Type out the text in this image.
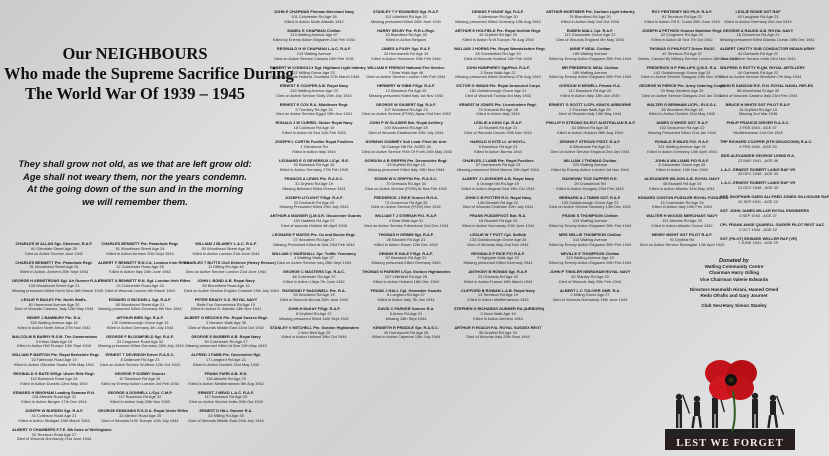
Our NEIGHBOURS
Who made the Supreme Sacrifice During
The World War Of 1939 – 1945
They shall grow not old, as we that are left grow old:
Age shall not weary them, nor the years condemn.
At the going down of the sun and in the morning
we will remember them.
CHARLES W ALLAN Sgt. Observer, R.A.F.
60 Glendale Street Age 25
Died on Active Service June 1942
CHARLES BENNETT Pte. Parachute Regt.
51 Woodhead Street Age 24
Killed in Action, Arnhem 20th Sept 1944
GEORGE H ARMSTRONG Sgt. Air Gunner R.A.F.
108 Woodhead Street Age 21
Missing presumed Killed North Sea 16th March 1943
LESLIE R BAILEY Pte. North Staffs.
81 Hammond Avenue Age 20
Died of Wounds Cassino, Italy 12th May 1944
HENRY J BAMBURY Pte. R.A.
328 Watling Avenue Age 42
Killed in Action North Africa 27th Nov 1942
MALCOLM B BARRY R.S.M. The Cameronians
3 Kirton Walk Age 19
Killed in Action NW Europe 13th Sept 1944
WILLIAM P BARTON Pte. Royal Berkshire Regt.
15 Fairbrook Road Age 19
Killed in Action Gibraltar Straits 19th May 1941
REGINALD G BATE W/Sgt. Ulster Rifle Regt.
110 Banstock Road Age 24
Killed in Action Dunkirk 22nd May 1940
EDWARD H BINGHAM Leading Seaman R.N.
128 Abbotts Road Age 22
Killed in Action Bergen 17th Dec 1944
JOSEPH W BURDEN Sgt. R.A.F.
43 Collinson Road Age 21
Killed in Action Stuttgart 15th March 1944
ALBERT G CHAMBERS F.T.E. 8th Duke of Wellingtons
34 Tennison Road Age 27
Died of Wounds Normandy 21st June 1944
CHARLES BENNETT Pte. Parachute Regt.
51 Woodhead Street Age 24
Killed in Action Arnhem 20th Sept 1944
ALBERT F BENNETT R.N.V.A. London Irish Rifles
12 Colchester Road Age 28
Killed in Action Italy 24th June 1944
ERNEST A BENNETT R.N. Sgt. London Irish Rifles
13 Colchester Road Age 24
Died of Wounds London 6th March 1944
EDWARD G BICKNELL Sgt. R.A.F.
80 Woodhead Street Age 21
Missing presumed Killed Germany 6th Nov 1944
ARTHUR BIRD Sgt. R.A.F.
130 Goldsborough Grove Age 19
Killed in Action Germany 4th July 1944
GEORGE F BLOOMFIELD Sgt. R.A.F.
23 Cragmere Road Age 32
Missing presumed Killed Germany 28th July 1944
ERNEST T DEVENISH Driver R.A.S.C.
8 Dallimore Rd Age 23
Died on Active Service W Africa 12th Oct 1943
GEORGE P DOBBY Gunner
67 Banstock Rd Age 26
Killed by Enemy Action London 3rd Feb 1944
GEORGE A DONNELL L/Cpl. C.M.P.
117 Banstock Rd Age 32
Killed in Action Italy 20th Nov 1943
GEORGE EDMONDS R.S.G.A. Royal Ulster Rifles
32 Allerton Road Age 25
Died of Wounds N.W. Europe 10th July 1944
WILLIAM J BLAMEY L.A.C. R.A.F.
50 Woodhead Street Age 36
Killed in Action London 21st June 1944
CHARLES T BUTTS Civil Defence (Heavy Rescue)
11 Milling Rd Age 44
Died on Active Service London 21st June 1944
JOHN L BOND A.B. Royal Navy
89 Bloomfield Road Age 19
Died on Active Service English Channel 19th July 1944
PETER BRADY O.S. ROYAL NAVY
Bells Fun Donnelonick Rd Age 19
Killed in Action N. Atlantic 13th Nov 1941
ALBERT G BROOKS Pte. Royal Sussex Regt.
2 Norwich Walk Age 38
Died of Wounds Middle East 22nd Oct 1942
GEORGE E BARBER A.B. Royal Navy
90 Colchester Rd Age 27
Missing presumed Killed at Sea 12th May 1943
ALFRED J FABB Pte. Devonshire Rgt.
17 Langford Rd Age 21
Killed in Action Dunkirk 31st May 1940
FRANK FARR A.B. R.N.
136 Abbotts Rd Age 23
Killed in Action Mediterranean 5th Aug 1942
ERNEST J MEAD L.A.C. R.A.F.
117 Banstock Rd Age 29
Died on Active Service India 30th Oct 1943
ERNEST D HILL Gunner R.A.
43 Milling Rd Age 30
Died of Wounds Middle East 24th July 1943
JOHN E CHAPMAN Fireman Merchant Navy
101 Colchester Rd Age 26
Killed in Action North Atlantic 1942
MABEL E CHAPMAN Civilian
213 Watling Avenue Age 67
Killed by Enemy Action Edgware 21st Feb 1944
REGINALD H W CHAPMAN L.A.C. R.A.F.
213 Watling Avenue
Died on Active Service Canada 19th Feb 1941
ROBERT W CONNOLLY Sgt. Highland Light Infantry
22 Milling Grove Age 23
Died of Wounds Holland, Scotland 27th March 1945
ERNEST E COOPER A.B. Royal Navy
249 Watling Avenue Age 23
Died on Active Service Sicily 20th July 1943
ERNEST E COX R.A. Middlesex Regt.
9 Thursley Rd Age 33
Died on Active Service Egypt 15th Nov 1941
RONALD J W CURREL Stoker Royal Navy
18 Collinson Rd Age 19
Killed in Action At Sea 11th Feb 1943
JOSEPH L CURTIN Fusilier Royal Fusiliers
1 Glenbrook Rd
Killed in Action Italy 1944
LEONARD E G DEVEREUX L/Cpl. R.E.
92 Banstock Rd Age 26
Killed in Action Germany 27th Feb 1945
FRANCIS A LEWIS Pte. R.A.S.C.
31 Dryfield Rd Age 19
Missing Believed Killed Greece 1941
JOSEPH LITLIGHT F/Sgt. R.A.F.
22 Donkarth Rd Age 20
Missing Presumed Killed 29th July 1943
ARTHUR A MANSER Q.M.S.R. Gloucester Guards
153 Hadfield Rd Age 27
Died of wounds Holland 4th April 1945
LEONARD F MAYES Pte. Ox and Bucks Regt.
27 Woodend Rd Age 27
Missing Presumed Killed at Sea 23rd Feb 1944
WILLIAM C MARSHALL Spr. Traffic Yeomanry
4 Wattling Walk Age 27
Died on Active Service Iraq 25th Sept 1943
GEORGE C MASTERS Cpl. R.A.C.
46 Colchester Rd Age 37
Killed in Action Libya 7th June 1942
RAYMOND F McDOWELL Pte. R.A.
53 Woodend Rd Age 19
Died of Wounds Burma 26th June 1944
JOHN H McKAY F/Sgt. R.A.F.
8 Dryfield Rd Age 27
Missing presumed Killed 16th Sept 1942
STANLEY V MITCHELL Pte. Gordon Highlanders
2 Ilem Blvd Age 29
Killed in Action Holland 28th Oct 1944
STANLEY T F EDWARDS Sgt. R.A.F.
112 Littlefield Rd Age 22
Missing presumed Killed 26th June 1941
HARRY SELBY Pte. R.R.L.Regt.
33 Blandford Rd Age 28
Killed in Action Belgium
JAMES A FILBY Sgt. R.A.F.
24 Hornsworth Rd Age 19
Killed in Action Hannover 20th Feb 1944
WILLIAM E FRENCH National Fire Service
7 Briar Walk Age 46
Died on Active Service London 19th Feb 1944
HERBERT W GIBB F/Sgt. R.A.F.
12 Banstock Rd Age 20
Missing presumed Killed Italy 1st Nov 1944
GEORGE W GILBERT Sgt. R.A.F.
107 Woodend Rd Age 23
Died on Active Service (POW) Japan 2nd Dec 1942
JOHN P W GLASIER Bdr. Royal Artillery
100 Woodend Rd Age 28
Died of Wounds Eastbourne 29th July 1944
NORMAN GOMMEY Soli Lead. Fleet Air Arm
36 Orange Hill Rd. AGED 28
Died on Active Service Firth Of Forth 24th May 1943
GORDON A R GRIFFIN Pte. Devonshire Regt.
23 Dryfield Rd Age 19
Missing presumed Killed Italy 19th Nov 1944
EDWIN W K GRIFFIN Pte. R.A.S.C.
70 Grenada Rd Age 34
Died on Active Service (POW) At Sea Feb 1942
FREDERICK J RICE Gunner R.H.A.
73 Grosvenor Rd Age 25
Died on Active Service (POW) Nov 1942
WILLIAM T J STIRRAH F/O. R.A.F.
4 Briar Walk Age 31
Died on Active Service Folkestone 2nd Dec 1944
THOMAS H GRIMM Sgt. R.A.F.
26 Blundell Rd Age 21
Killed in Action Essen 12th Dec 1942
DENNIS R HALE F/Sgt. R.A.F.
67 Banstock Rd Age 21
Missing presumed Killed Germany 1943
THOMAS N PARKER L/Cpl. Gordon Highlanders
107 Littlefield Rd Age 28
Killed in Action Holland 18th Dec 1944
FRANK J HALL Cpl. Grenadier Guards
8 Langford Rd Age 27
Killed in Action Italy 7th Jan 1944
DAVID C PARKER Gunner R.A.
6 Anton Rd Age 21
Missing 16th Sept 1944
KENNETH R PRIDDLE Spr. R.A.S.C.
30 Hornsworth Rd Age 26
Killed in Action Cayenne 13th July 1944
DENNIS F HAIGE Sgt. R.A.F.
8 Allerdown Rd Age 20
Missing presumed Killed Germany 13th Aug 1943
ARTHUR E HOLFIELD Pte. Royal Norfolk Regt.
44 Dryfield Rd Age 20
Killed in Action N.W Europe 7th Aug 1944
WILLIAM J HORNS Pte. Royal Warwickshire Regt.
28 Chesterfield Rd Age 20
Died of Wounds Holland 11th Feb 1945
JOHN HUMPHREY Sgt/Pilot. R.A.F.
3 Dean Walk Age 22
Missing presumed Killed Germany 27th Aug 1943
VICTOR G INMAN Pte. Royal Armoured Corps
181 Goldsborough Grove Age 21
Died of Wounds Tunisia 3rd May 1943
ERNEST M JONES Pte. Lincolnshire Regt.
79 Grenada Rd Age 26
Killed in Action Italy 1944
LESLIE A KING Cpl. R.A.F.
22 Blundell Rd Age 21
Died of Wounds Lincoln 29th Nov 1943
HAROLD G KITE Lt. of HOYLL
5 Banstock Rd Age 23
Killed in Action Burma 1944
CHARLES J LAMB Pte. Royal Fusiliers
57 Hornsworth Rd Age 23
Missing presumed Killed Burma 19th April 1944
ALBERT J LAVENDER A.B. Royal Navy
6 Orange Hill Rd Age 19
Killed in Action Aegean Sea 19th Oct 1943
JOHN C B POTTER R.O. Royal Navy
106 Blundell Rd Age 22
Died of Wounds Chatham 20th July 1941
FRANK PUDDEFOOT Bdr. R.A.
16 Blundell Rd Age 25
Killed in Action Normandy 20th June 1944
LESLIE W T PUTT Cpl. Suffolk
133 Goldsborough Grove Age 24
Died of Wounds Italy 2nd Nov 1944
REGINALD F RICE F/O R.A.F.
9 Highgate Walk Age 23
Missing presumed Killed Germany 1944
ANTHONY B ROWAN Sgt. R.A.F.
23 Grenada Rd Age 20
Killed in Action France 18th March 1944
CLIFFORD B ROWAN L.A.B. Royal Navy
13 Tennison Rd Age 19
Killed in Action Mediterranean 1943
STEPHEN D RICHARDS GUNNER RA (AIRBORN)
3 Dean Walk Age 19
Killed in Action Arnhem 1944
ARTHUR H ROACH F/A. ROYAL SUSSEX REGT
56 Dryfield Rd Age 33
Died of Wounds Italy 25th Sept 1944
ARTHUR MORTIMER Pte. Durham Light Infantry
76 Blandford Rd Age 20
Killed in Action Italy 2nd Oct 1944
RUBEN NIALL Cpl. R.A.F.
113 Gloucester Grove Age 22
Died of Wounds England 8th May 1944
ANNE F NEAL Civilian
189 Watling Avenue
Killed by Enemy Action Edgware 20th Feb 1944
MR FREDERICK NEAL Civilian
189 Watling Avenue
Killed by Enemy Action Edgware 20th Feb 1944
GORDON H NEWELL Private R.A.
117 Banstock Rd Age 20
Killed in Action Italy 13th Jan 1945
ERNEST G SCOTT L/CPL KING'S AIRBORNE
2 Fountain Walk Age 20
Died of Wounds Italy 13th May 1944
PHILLIP H STRONG E/LEUT AUSTRALIAN R.A.F.
61 Milford Rd Age 28
Killed in Action Holland 28th Aug 1944
DENNIS F STROUD F/SGT. R.A.F.
6 Silkstream Rd Age 21
Died on Active Service England 2nd Jan 1944
WILLIAM J THOMAS Civilian
229 Watling Avenue
Killed by Enemy Action London 1st Nov 1944
RAYMOND TICE SAPPER R.E.
29 Crossbrook Rd
Killed in Action Hungary 23rd Feb 1942
BERNARD A J TIMMS SGT. R.A.F.
193 Goldsborough Grove Age 23
Died on Active Service Newbury 13th Dec 1942
FRANK S THOMPSON Civilian
313 Watling Avenue
Killed by Enemy Action Edgware 20th Feb 1944
MRS NELLIE THOMPSON Civilian
313 Watling Avenue
Killed by Enemy Action Edgware 20th Feb 1944
NEVILLE E THOMPSON Civilian
313 Watling Avenue Age 19
Killed by Enemy Action Edgware 20th Feb 1944
JOHN P TINGLER NIBRAHAM ROYAL NAVY
40 Stanley Rd Age 20
Died of Wounds Italy 20th Feb 1944
ALBERT L C TOLIVER GNR. R.A.
2 Milling Grove Age 27
Died of Wounds Normandy 16th June 1944
ROY PENTENEY MO PILH. R.A.F.
81 Tennison Rd Age 21
Killed in Action Off S. Coast 20th June 1943
JOSEPH A PETHICK Gunner Maritime Regt.
22 Cragmere Rd Age 22
Killed in Action At Sea 7th Oct 1942
THOMAS G PHILPOTT Driver RASC
42 Tennison Rd Age 37
Illness, Caused By Military Service London 18th Nov 1943
FREDERICK H P PHILLIPS Q.M.S. R.A.
142 Goldsborough Grove Age 24
Died on Active Service Glasgow 24th Nov 1944
GEORGE W PIERCE Pte. Army Catering Corps
20 Ilbay Gardens Age 29
Died on Active Service Glasgow 2nd Jan 1944
WALTER G BRINHAM L/CPL. ELS.G.L.
26 Woodend Rd Age 18
Killed in Action Dunkirk 31st May 1940
JAMES G WHITE SGT. R.A.F.
102 Grosvenor Rd Age 22
Missing Presumed Killed 21st Jan 1944
RONALD R MILES F/O. R.A.F.
241 Watling Avenue Age 22
Killed in Action Germany 14th April 1943
JOHN A WILLIAMS F/O R.A.F.
8 Gloucester Grove Age 26
Killed in Action 10th Nov 1944
ALEXANDER WILSON A.B. ROYAL NAVY
48 Blundell Rd Age 19
Killed in Action Atlantic 31st May 1941
EDWARD CONTON PUSSLER ROYAL FUSILIERS
15 Colchester Rd Age 25
Killed in Action Italy 19th Feb 1944
WALTER H WOODS MERCHANT NAVY
101 Abbotts Rd Age 20
Killed in Action Atlantic Ocean 1942
HENRY MIGHT SGT PILOT R.A.F.
91 Dryfield Rd
Died on Active Service Ramsgate 12th April 1942
LESLIE ROWE SGT RAF
40 Langham Rd Age 23
Killed in Action Germany 2nd Jan 1943
GEORGE A RAUDD A.B. ROYAL NAVY
16 Grosvenor Rd Age 21
Missing presumed Killed Atlantic Ocean 28th Dec 1941
ALBERT CHUTTY SUB CONDUCTOR INDIAN ARMY
44 Garbanik Rd Age 22
Died on Active Service India 23rd Nov 1943
WILFRED G RUTTY R.QM. ROYAL ARTILLERY
44 Garbanik Rd Age 22
Died on Active Service Woolwich 7th May 1944
JOHN R SANSON R.E. R.N. ROYAL NAVAL RIFLES
56 Woodhead St Age 30
Died of Wounds Cassino Italy 23rd Feb 1944
BRUCE H WHITE SGT PILOT R.A.F.
16 Dryfield Rd Age 19
Missing 2nd Mar 1945
PHILIP FRANCIS DRIVER R.A.S.C.
2 FEB 1943 - AGE 37
Mediterranean 2nd Oct 1945
TRP RICHARD COOPER (5TH DRAGOONS) R.A.C.
4 FEB 1945 - AGE 23
BDR ALEXANDER GEORGE LEWIS R.A.
23 MAY 1941 - AGE 46
L.A.C. ERNEST ROBERT LAING RAF VR
23 DEC 1948 - AGE 43
L.A.C. ERNEST ROBERT LAING RAF VR
21 DEC 1948 - AGE 43
SGT. SKOPHARI GARG ALLFRED JONES GILLHOUSE RAF
20 SEP 1941 - AGE 22
SGT. JOHN JAMES MILLAR ROYAL ENGINEERS
3 SEP 1943 - AGE 27
CPL FRANK ANGE QUARELL GUIDER PILOT REGT AAC
2 OCT 1944 - AGE 22
SGT (PILOT) EDWARD WELLER RAF (VR)
7 JUNE 1941 - AGE 29
Donated by
Watling Community Centre
Chairman Harry Gilling
Vice Chairman Valerie Edwards
Directors Hasmukh Hirani, Hamed Omed
Redo Ofrafis and Gary Journet
Club Secretary Simon Stanley
LEST WE FORGET
